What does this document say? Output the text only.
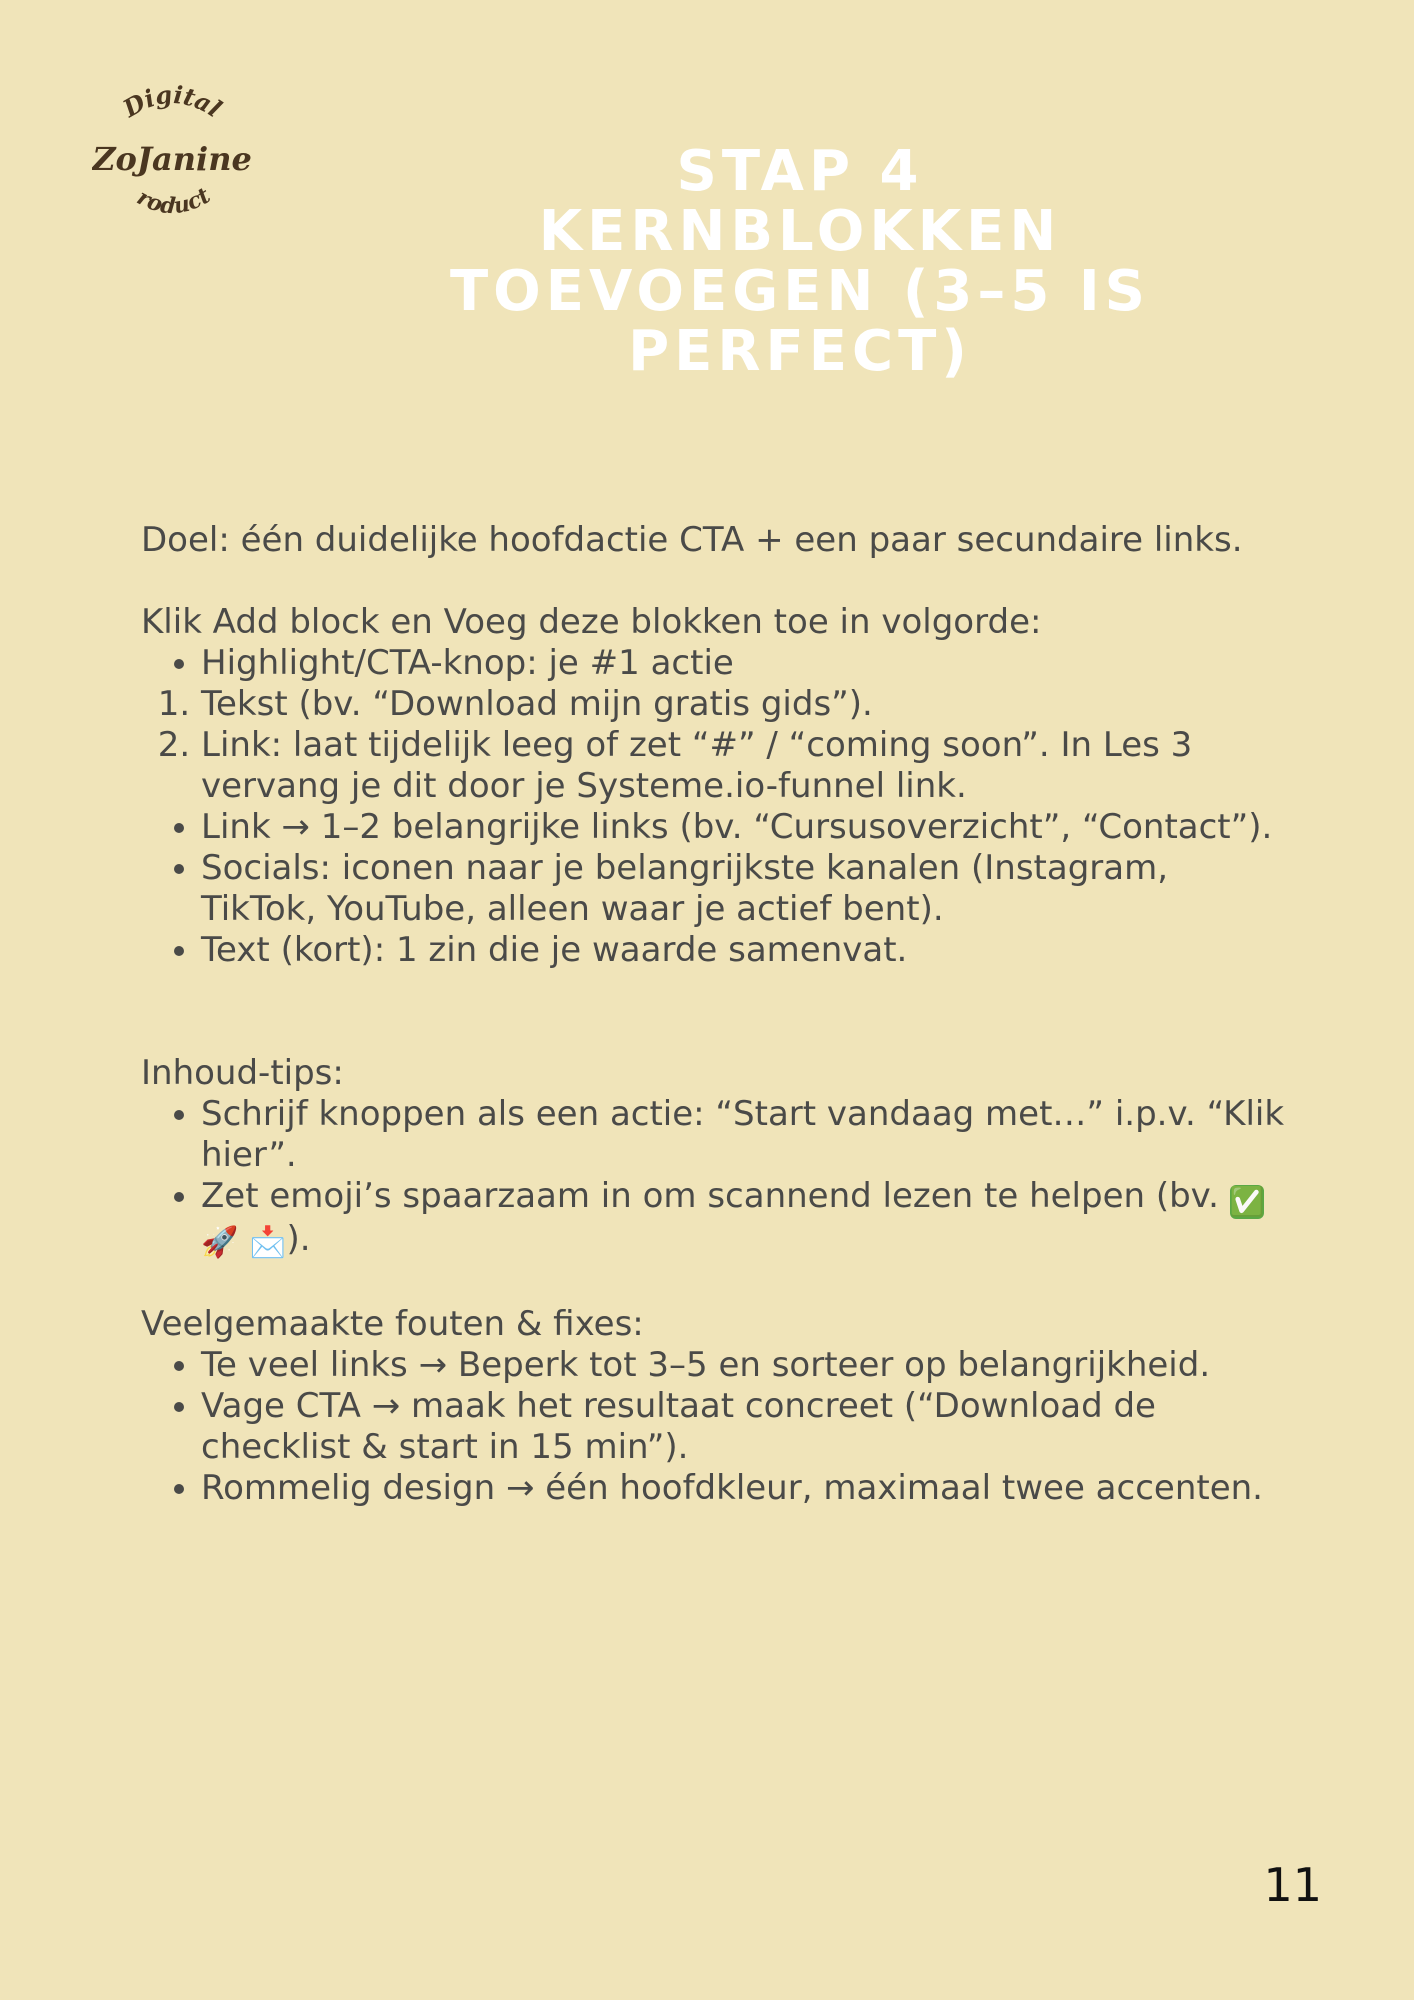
Digital
ZoJanine
roduct	STAP 4
KERNBLOKKEN
TOEVOEGEN (3–5 IS
PERFECT)

Doel: één duidelijke hoofdactie CTA + een paar secundaire links.

Klik Add block en Voeg deze blokken toe in volgorde:

• Highlight/CTA-knop: je #1 actie
1. Tekst (bv. “Download mijn gratis gids”).
2. Link: laat tijdelijk leeg of zet “#” / “coming soon”. In Les 3 vervang je dit door je Systeme.io-funnel link.
• Link → 1–2 belangrijke links (bv. “Cursusoverzicht”, “Contact”).
• Socials: iconen naar je belangrijkste kanalen (Instagram, TikTok, YouTube, alleen waar je actief bent).
• Text (kort): 1 zin die je waarde samenvat.

Inhoud-tips:

• Schrijf knoppen als een actie: “Start vandaag met…” i.p.v. “Klik hier”.
• Zet emoji’s spaarzaam in om scannend lezen te helpen (bv. ✅
🚀 📩).

Veelgemaakte fouten & fixes:

• Te veel links → Beperk tot 3–5 en sorteer op belangrijkheid.
• Vage CTA → maak het resultaat concreet (“Download de checklist & start in 15 min”).
• Rommelig design → één hoofdkleur, maximaal twee accenten.
11
